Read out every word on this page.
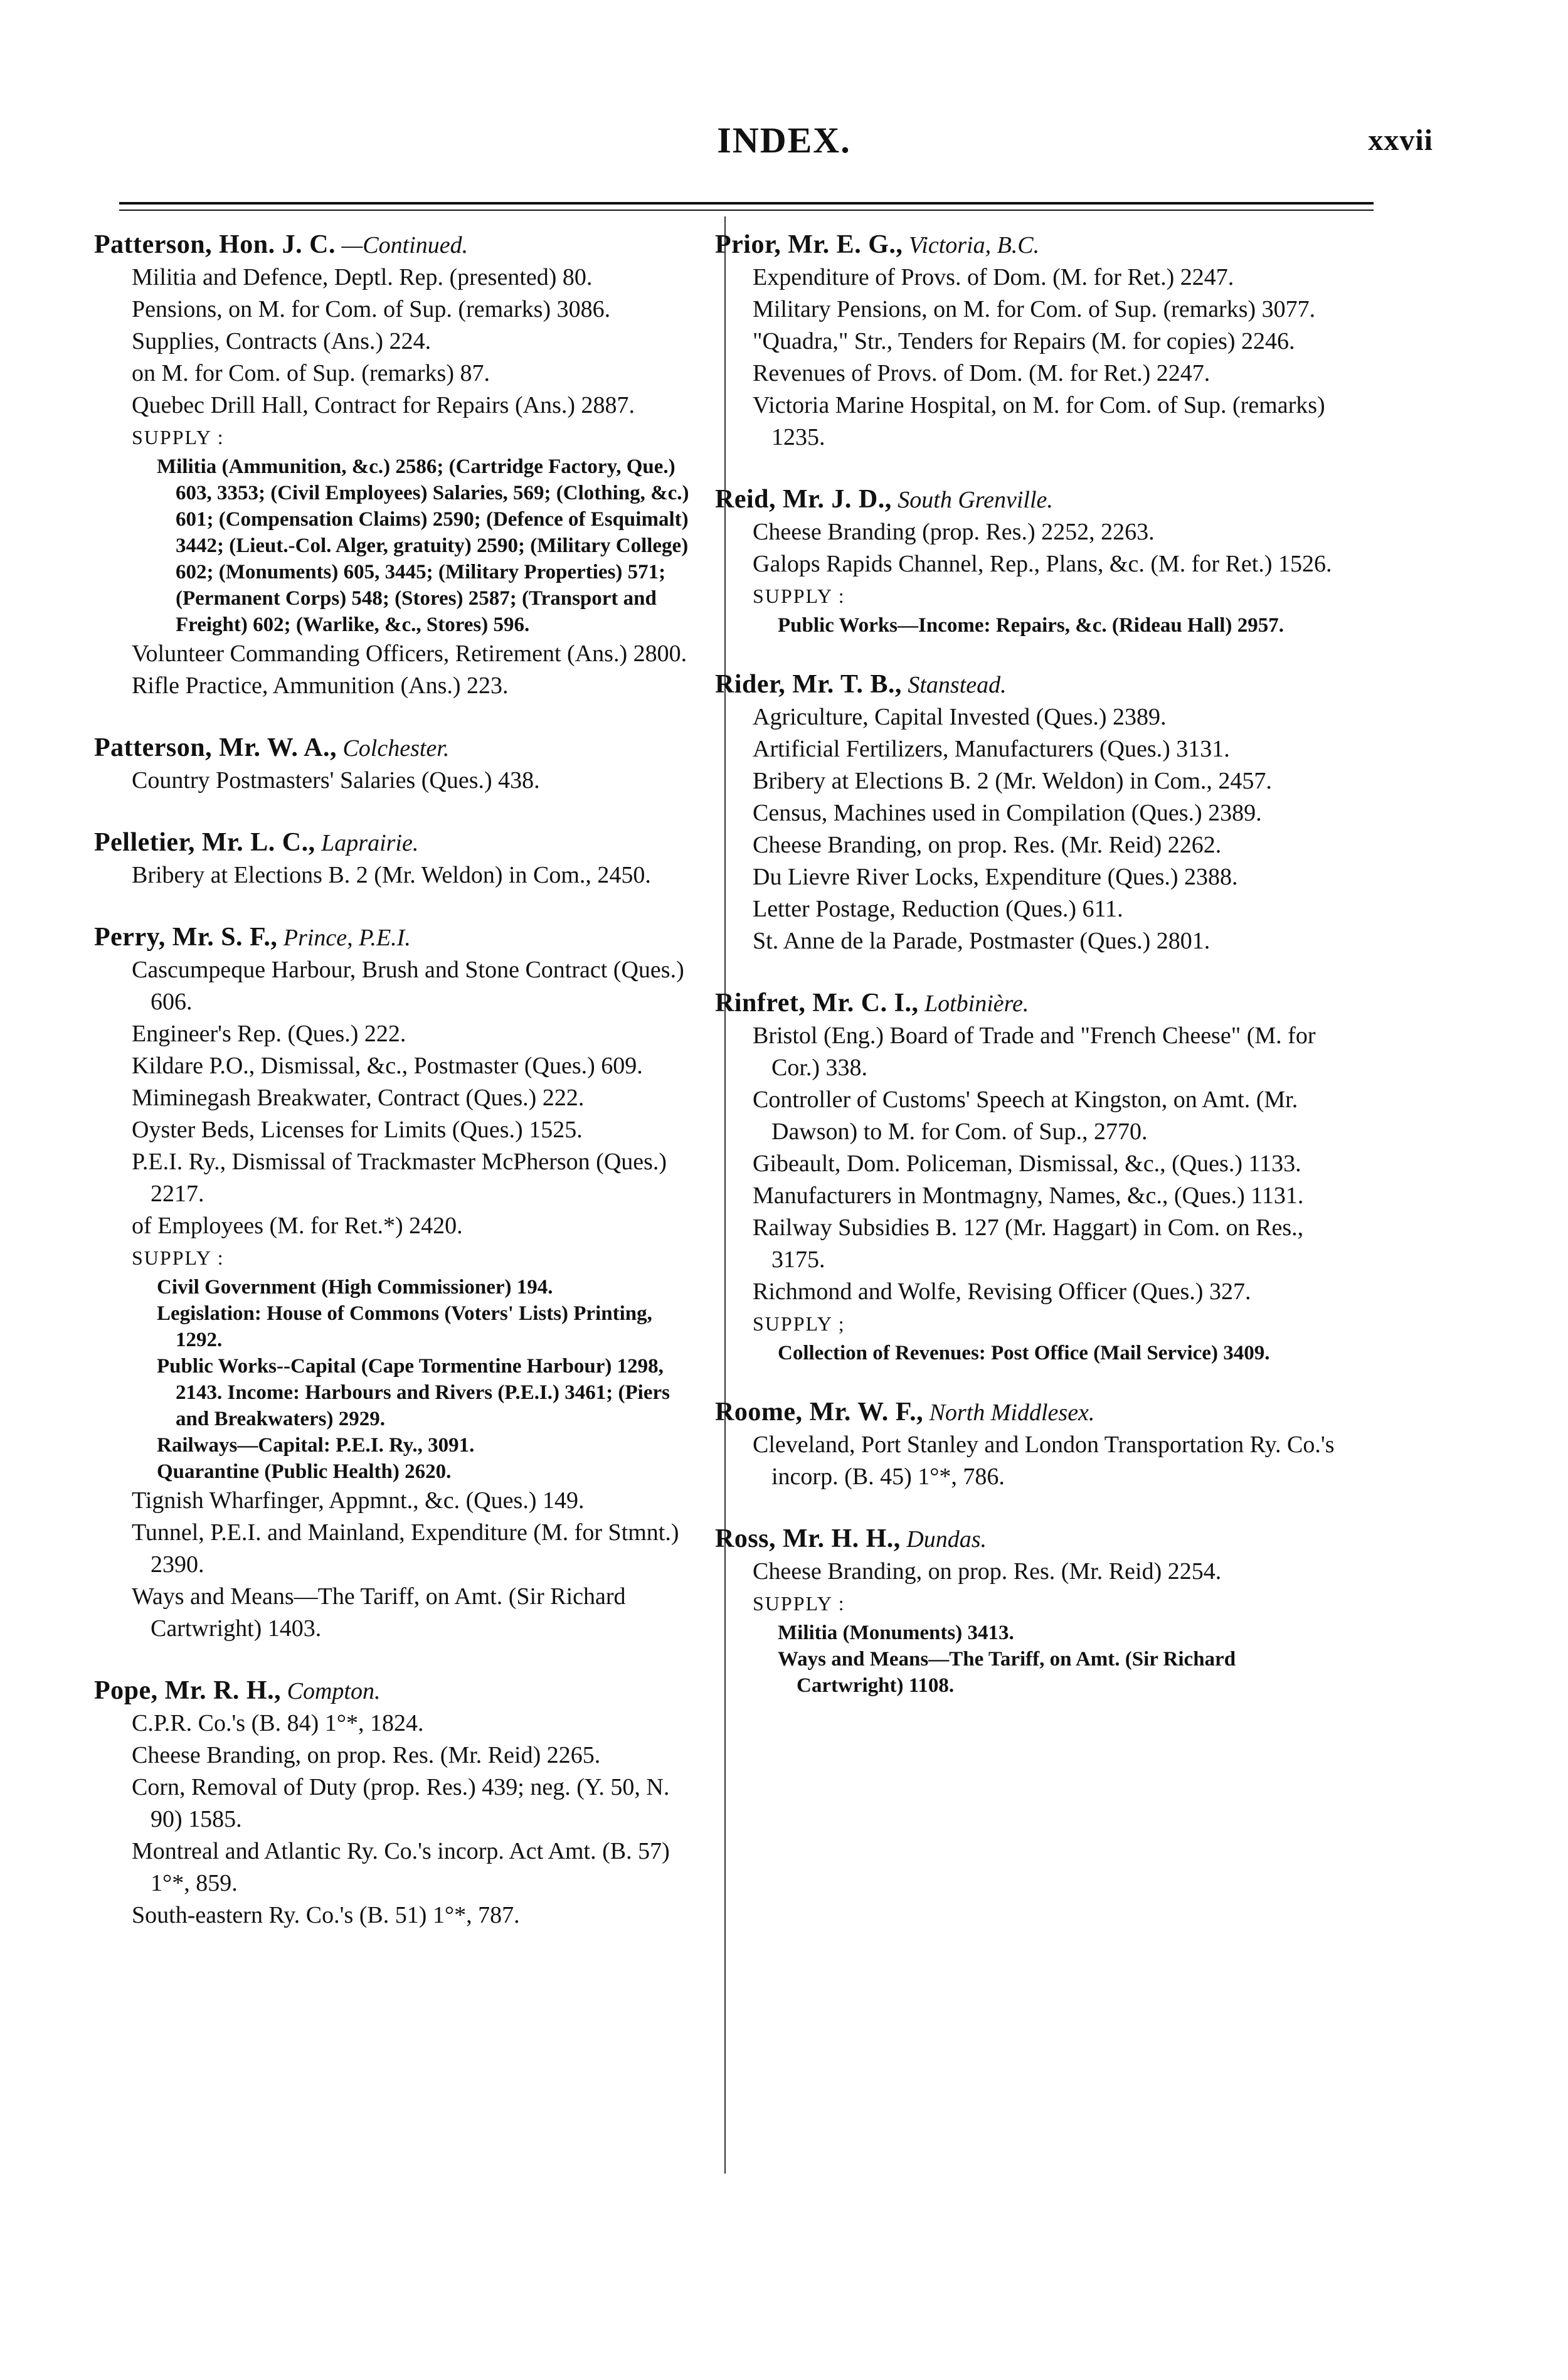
INDEX.	xxvii
Patterson, Hon. J. C. —Continued.
Militia and Defence, Deptl. Rep. (presented) 80.
Pensions, on M. for Com. of Sup. (remarks) 3086.
Supplies, Contracts (Ans.) 224.
on M. for Com. of Sup. (remarks) 87.
Quebec Drill Hall, Contract for Repairs (Ans.) 2887.
SUPPLY :
Militia (Ammunition, &c.) 2586; (Cartridge Factory, Que.) 603, 3353; (Civil Employees) Salaries, 569; (Clothing, &c.) 601; (Compensation Claims) 2590; (Defence of Esquimalt) 3442; (Lieut.-Col. Alger, gratuity) 2590; (Military College) 602; (Monuments) 605, 3445; (Military Properties) 571; (Permanent Corps) 548; (Stores) 2587; (Transport and Freight) 602; (Warlike, &c., Stores) 596.
Volunteer Commanding Officers, Retirement (Ans.) 2800.
Rifle Practice, Ammunition (Ans.) 223.
Patterson, Mr. W. A., Colchester.
Country Postmasters' Salaries (Ques.) 438.
Pelletier, Mr. L. C., Laprairie.
Bribery at Elections B. 2 (Mr. Weldon) in Com., 2450.
Perry, Mr. S. F., Prince, P.E.I.
Cascumpeque Harbour, Brush and Stone Contract (Ques.) 606.
Engineer's Rep. (Ques.) 222.
Kildare P.O., Dismissal, &c., Postmaster (Ques.) 609.
Miminegash Breakwater, Contract (Ques.) 222.
Oyster Beds, Licenses for Limits (Ques.) 1525.
P.E.I. Ry., Dismissal of Trackmaster McPherson (Ques.) 2217.
of Employees (M. for Ret.*) 2420.
SUPPLY :
Civil Government (High Commissioner) 194.
Legislation: House of Commons (Voters' Lists) Printing, 1292.
Public Works--Capital (Cape Tormentine Harbour) 1298, 2143. Income: Harbours and Rivers (P.E.I.) 3461; (Piers and Breakwaters) 2929.
Railways—Capital: P.E.I. Ry., 3091.
Quarantine (Public Health) 2620.
Tignish Wharfinger, Appmnt., &c. (Ques.) 149.
Tunnel, P.E.I. and Mainland, Expenditure (M. for Stmnt.) 2390.
Ways and Means—The Tariff, on Amt. (Sir Richard Cartwright) 1403.
Pope, Mr. R. H., Compton.
C.P.R. Co.'s (B. 84) 1°*, 1824.
Cheese Branding, on prop. Res. (Mr. Reid) 2265.
Corn, Removal of Duty (prop. Res.) 439; neg. (Y. 50, N. 90) 1585.
Montreal and Atlantic Ry. Co.'s incorp. Act Amt. (B. 57) 1°*, 859.
South-eastern Ry. Co.'s (B. 51) 1°*, 787.
Prior, Mr. E. G., Victoria, B.C.
Expenditure of Provs. of Dom. (M. for Ret.) 2247.
Military Pensions, on M. for Com. of Sup. (remarks) 3077.
"Quadra," Str., Tenders for Repairs (M. for copies) 2246.
Revenues of Provs. of Dom. (M. for Ret.) 2247.
Victoria Marine Hospital, on M. for Com. of Sup. (remarks) 1235.
Reid, Mr. J. D., South Grenville.
Cheese Branding (prop. Res.) 2252, 2263.
Galops Rapids Channel, Rep., Plans, &c. (M. for Ret.) 1526.
SUPPLY :
Public Works—Income: Repairs, &c. (Rideau Hall) 2957.
Rider, Mr. T. B., Stanstead.
Agriculture, Capital Invested (Ques.) 2389.
Artificial Fertilizers, Manufacturers (Ques.) 3131.
Bribery at Elections B. 2 (Mr. Weldon) in Com., 2457.
Census, Machines used in Compilation (Ques.) 2389.
Cheese Branding, on prop. Res. (Mr. Reid) 2262.
Du Lievre River Locks, Expenditure (Ques.) 2388.
Letter Postage, Reduction (Ques.) 611.
St. Anne de la Parade, Postmaster (Ques.) 2801.
Rinfret, Mr. C. I., Lotbinière.
Bristol (Eng.) Board of Trade and "French Cheese" (M. for Cor.) 338.
Controller of Customs' Speech at Kingston, on Amt. (Mr. Dawson) to M. for Com. of Sup., 2770.
Gibeault, Dom. Policeman, Dismissal, &c., (Ques.) 1133.
Manufacturers in Montmagny, Names, &c., (Ques.) 1131.
Railway Subsidies B. 127 (Mr. Haggart) in Com. on Res., 3175.
Richmond and Wolfe, Revising Officer (Ques.) 327.
SUPPLY ;
Collection of Revenues: Post Office (Mail Service) 3409.
Roome, Mr. W. F., North Middlesex.
Cleveland, Port Stanley and London Transportation Ry. Co.'s incorp. (B. 45) 1°*, 786.
Ross, Mr. H. H., Dundas.
Cheese Branding, on prop. Res. (Mr. Reid) 2254.
SUPPLY :
Militia (Monuments) 3413.
Ways and Means—The Tariff, on Amt. (Sir Richard Cartwright) 1108.
